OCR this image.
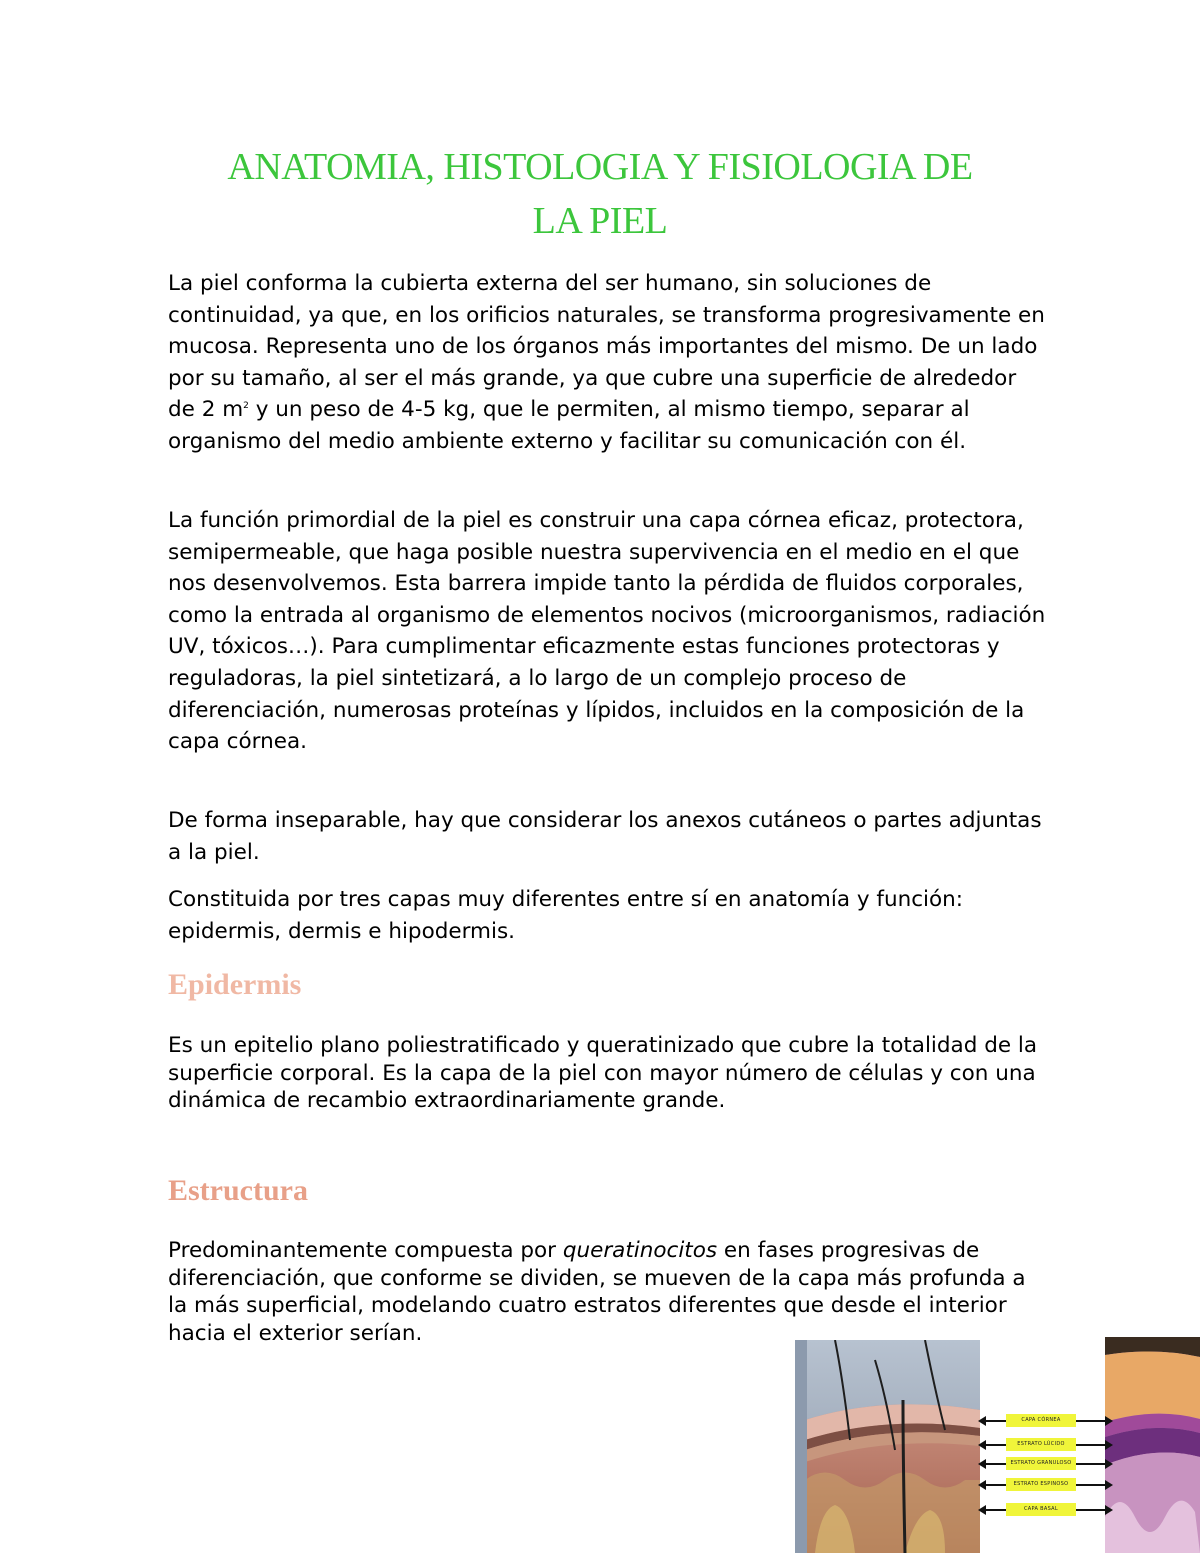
ANATOMIA, HISTOLOGIA Y FISIOLOGIA DE
LA PIEL

La piel conforma la cubierta externa del ser humano, sin soluciones de continuidad, ya que, en los orificios naturales, se transforma progresivamente en mucosa. Representa uno de los órganos más importantes del mismo. De un lado por su tamaño, al ser el más grande, ya que cubre una superficie de alrededor de 2 $m^2$ y un peso de 4-5 kg, que le permiten, al mismo tiempo, separar al organismo del medio ambiente externo y facilitar su comunicación con él.

La función primordial de la piel es construir una capa córnea eficaz, protectora, semipermeable, que haga posible nuestra supervivencia en el medio en el que nos desenvolvemos. Esta barrera impide tanto la pérdida de fluidos corporales, como la entrada al organismo de elementos nocivos (microorganismos, radiación UV, tóxicos…). Para cumplimentar eficazmente estas funciones protectoras y reguladoras, la piel sintetizará, a lo largo de un complejo proceso de diferenciación, numerosas proteínas y lípidos, incluidos en la composición de la capa córnea.

De forma inseparable, hay que considerar los anexos cutáneos o partes adjuntas a la piel.

Constituida por tres capas muy diferentes entre sí en anatomía y función: epidermis, dermis e hipodermis.

Epidermis

Es un epitelio plano poliestratificado y queratinizado que cubre la totalidad de la superficie corporal. Es la capa de la piel con mayor número de células y con una dinámica de recambio extraordinariamente grande.

Estructura

Predominantemente compuesta por queratinocitos en fases progresivas de diferenciación, que conforme se dividen, se mueven de la capa más profunda a la más superficial, modelando cuatro estratos diferentes que desde el interior hacia el exterior serían.

CAPA CÓRNEA
ESTRATO LÚCIDO
ESTRATO GRANULOSO
ESTRATO ESPINOSO
CAPA BASAL
